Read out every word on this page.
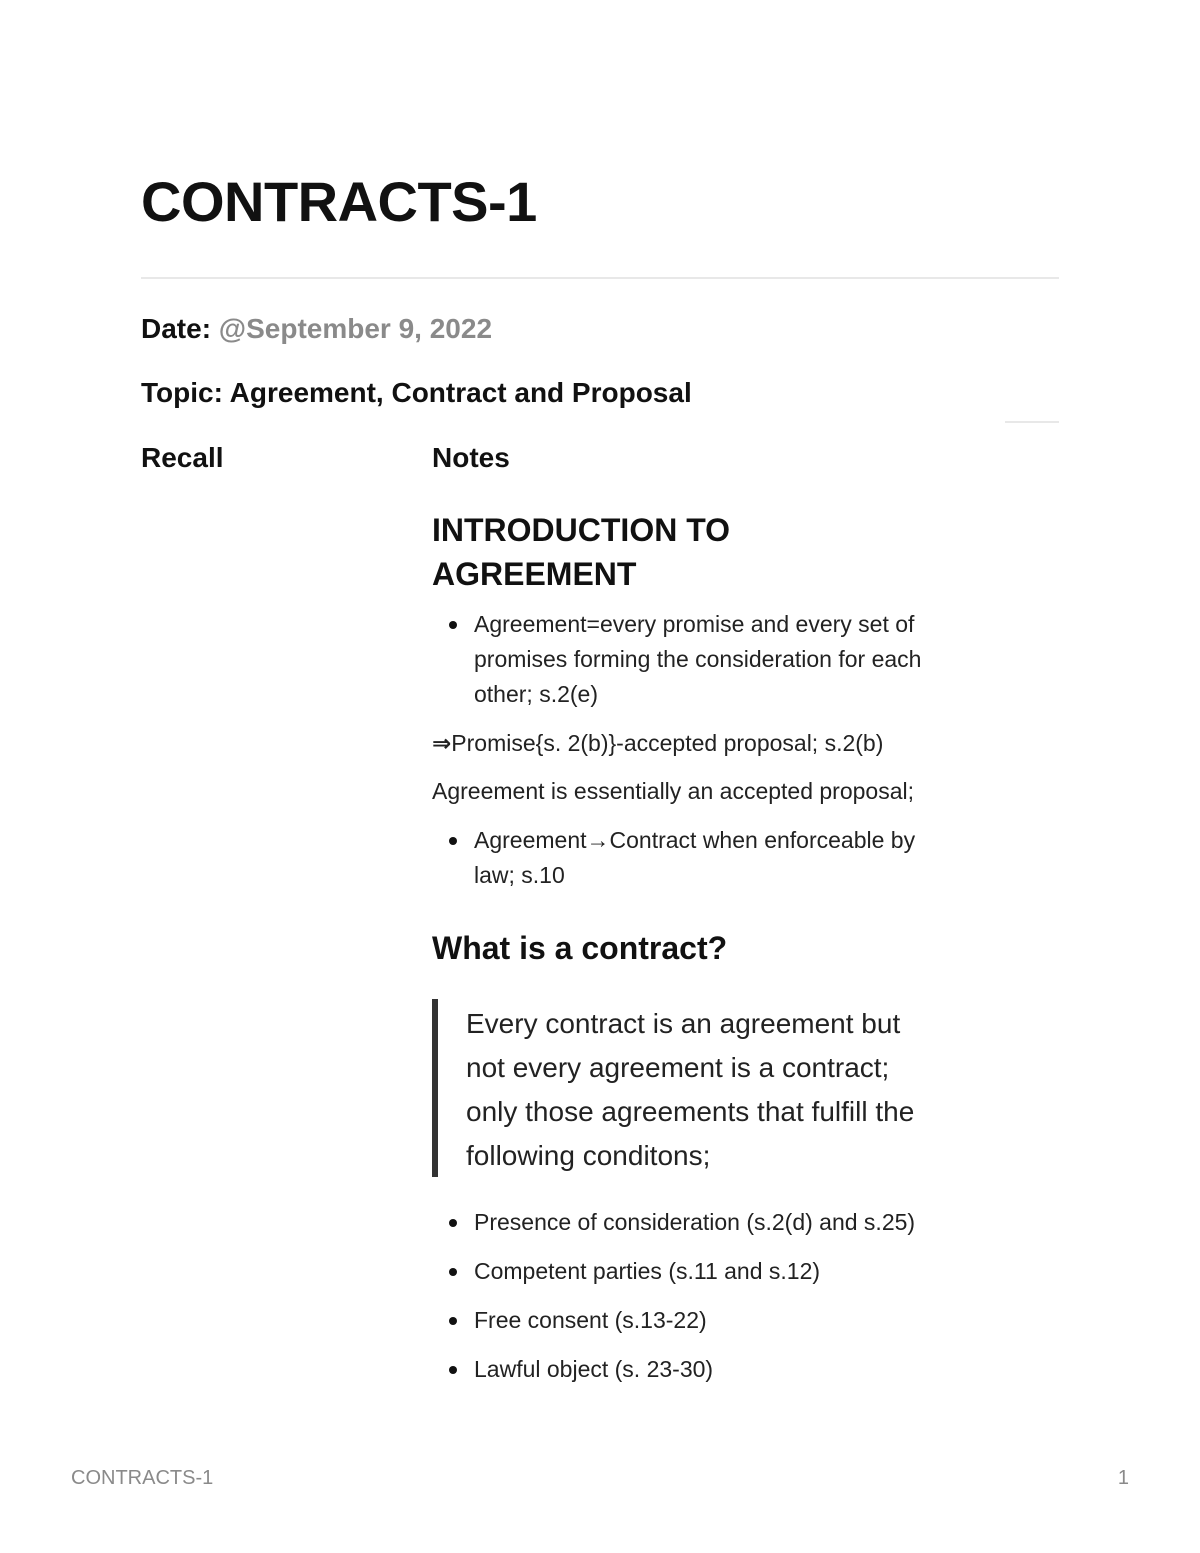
CONTRACTS-1
Date: @September 9, 2022
Topic: Agreement, Contract and Proposal
Recall	Notes
INTRODUCTION TO AGREEMENT
Agreement=every promise and every set of promises forming the consideration for each other; s.2(e)

⇒Promise{s. 2(b)}-accepted proposal; s.2(b)

Agreement is essentially an accepted proposal;

Agreement→Contract when enforceable by law; s.10
What is a contract?

Every contract is an agreement but not every agreement is a contract; only those agreements that fulfill the following conditons;

Presence of consideration (s.2(d) and s.25)
Competent parties (s.11 and s.12)
Free consent (s.13-22)
Lawful object (s. 23-30)
CONTRACTS-1	1
